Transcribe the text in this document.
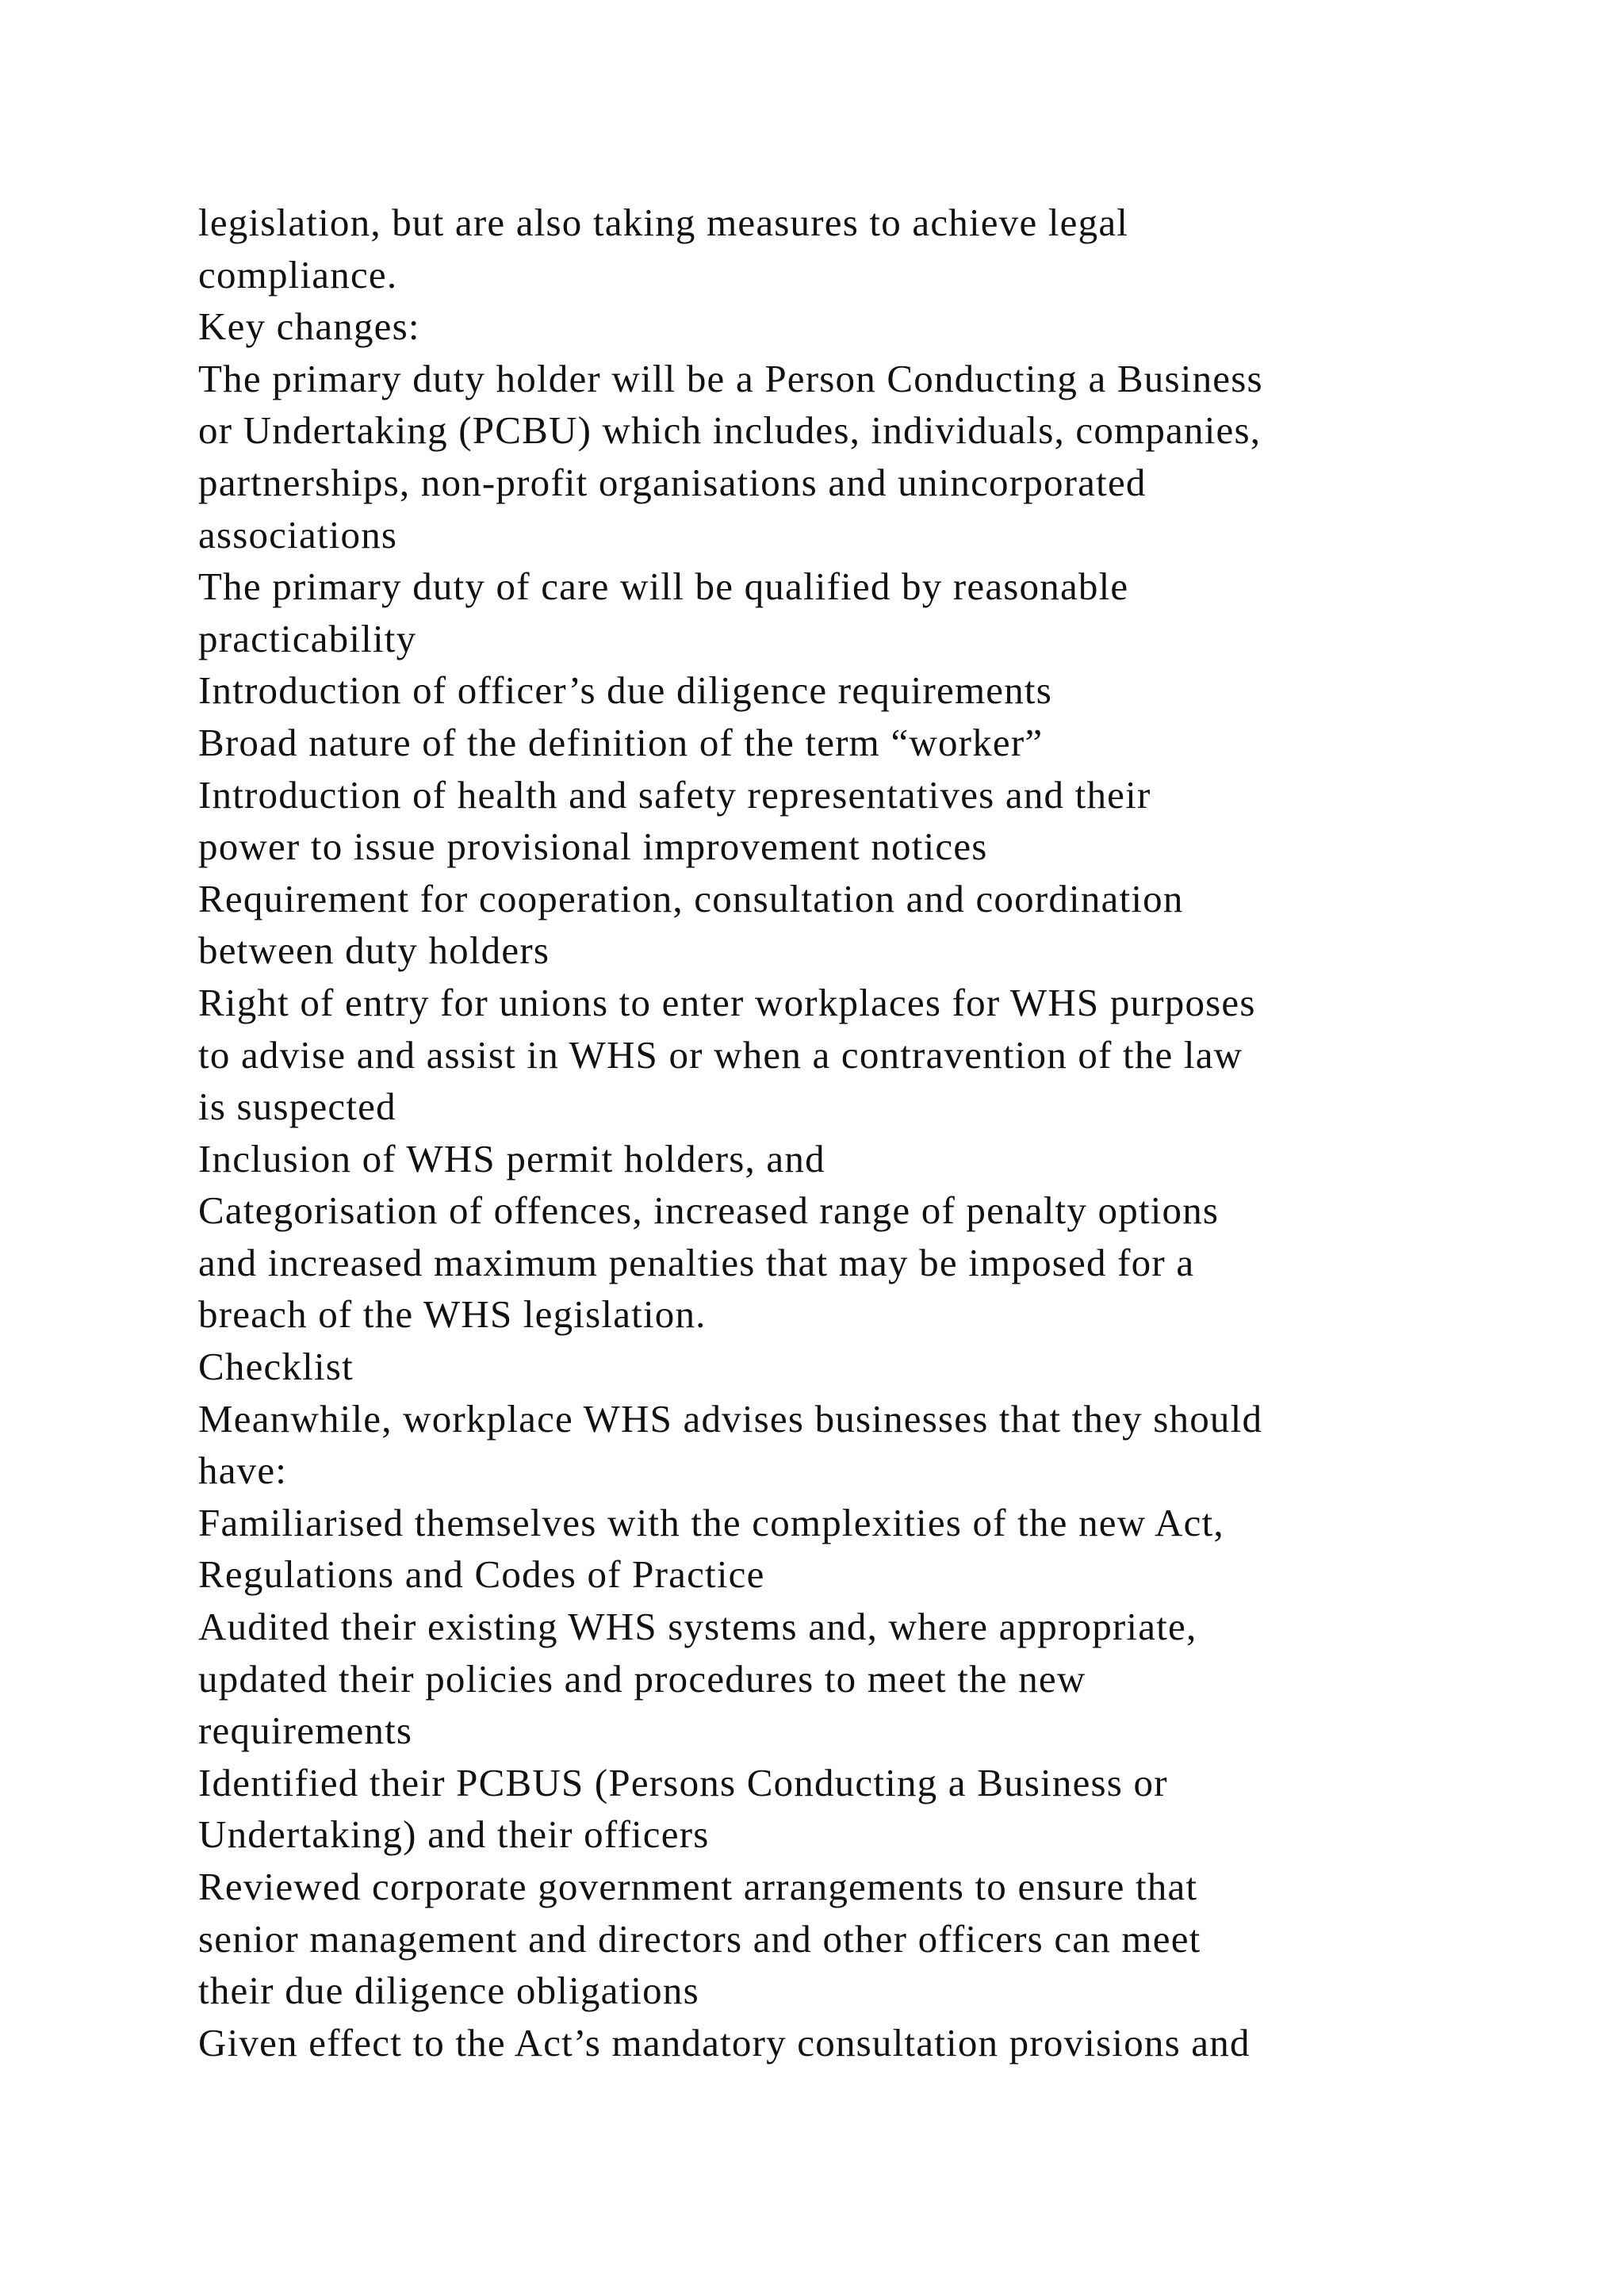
legislation, but are also taking measures to achieve legal
compliance.
Key changes:
The primary duty holder will be a Person Conducting a Business
or Undertaking (PCBU) which includes, individuals, companies,
partnerships, non-profit organisations and unincorporated
associations
The primary duty of care will be qualified by reasonable
practicability
Introduction of officer’s due diligence requirements
Broad nature of the definition of the term “worker”
Introduction of health and safety representatives and their
power to issue provisional improvement notices
Requirement for cooperation, consultation and coordination
between duty holders
Right of entry for unions to enter workplaces for WHS purposes
to advise and assist in WHS or when a contravention of the law
is suspected
Inclusion of WHS permit holders, and
Categorisation of offences, increased range of penalty options
and increased maximum penalties that may be imposed for a
breach of the WHS legislation.
Checklist
Meanwhile, workplace WHS advises businesses that they should
have:
Familiarised themselves with the complexities of the new Act,
Regulations and Codes of Practice
Audited their existing WHS systems and, where appropriate,
updated their policies and procedures to meet the new
requirements
Identified their PCBUS (Persons Conducting a Business or
Undertaking) and their officers
Reviewed corporate government arrangements to ensure that
senior management and directors and other officers can meet
their due diligence obligations
Given effect to the Act’s mandatory consultation provisions and
